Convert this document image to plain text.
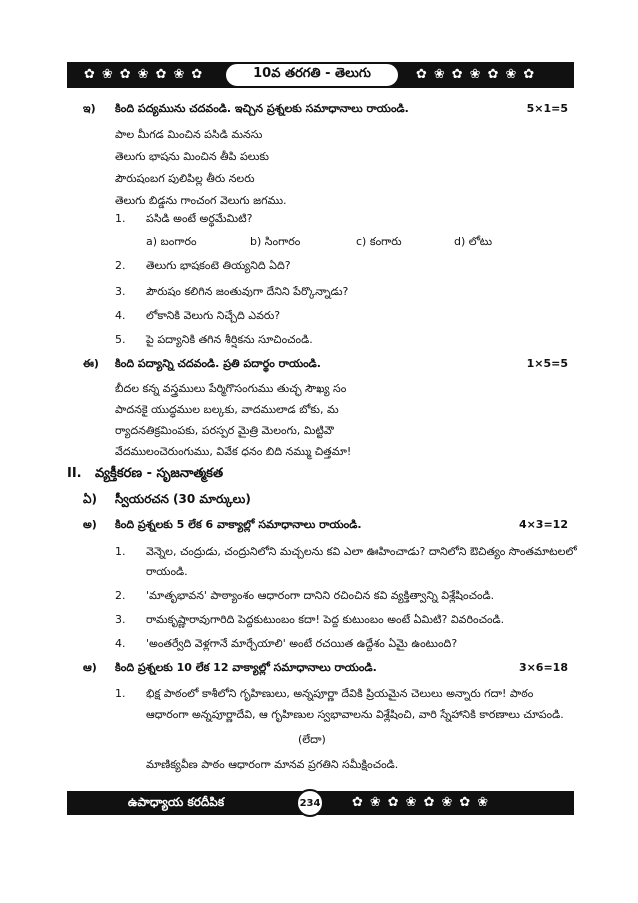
✿❀✿❀✿❀✿	✿❀✿❀✿❀✿
10వ తరగతి - తెలుగు
ఇ) కింది పద్యమును చదవండి. ఇచ్చిన ప్రశ్నలకు సమాధానాలు రాయండి.	5×1=5
పాల మీగడ మించిన పసిడి మనసు
తెలుగు భాషను మించిన తీపి పలుకు
పౌరుషంబగ పులిపిల్ల తీరు నలరు
తెలుగు బిడ్డను గాంచంగ వెలుగు జగము.
1. పసిడి అంటే అర్థమేమిటి?
a) బంగారం	b) సింగారం	c) కంగారు	d) లోటు
2. తెలుగు భాషకంటె తియ్యనిది ఏది?
3. పౌరుషం కలిగిన జంతువుగా దేనిని పేర్కొన్నాడు?
4. లోకానికి వెలుగు నిచ్చేది ఎవరు?
5. పై పద్యానికి తగిన శీర్షికను సూచించండి.
ఈ) కింది పద్యాన్ని చదవండి. ప్రతి పదార్థం రాయండి.	1×5=5
బీదల కన్న వస్త్రములు పేర్మిగొసంగుము తుచ్ఛ సౌఖ్య సం
పాదనకై యుద్ధముల బల్కకు, వాదములాడ బోకు, మ
ర్యాదనతిక్రమింపకు, పరస్పర మైత్రి మెలంగు, మిట్టివౌ
వేదములంచెరుంగుము, వివేక ధనం బిది నమ్ము చిత్తమా!
II. వ్యక్తీకరణ - సృజనాత్మకత
ఏ) స్వీయరచన (30 మార్కులు)
అ) కింది ప్రశ్నలకు 5 లేక 6 వాక్యాల్లో సమాధానాలు రాయండి.	4×3=12
1. వెన్నెల, చంద్రుడు, చంద్రునిలోని మచ్చలను కవి ఎలా ఊహించాడు? దానిలోని ఔచిత్యం సొంతమాటలలో
రాయండి.
2. 'మాతృభావన' పాఠ్యాంశం ఆధారంగా దానిని రచించిన కవి వ్యక్తిత్వాన్ని విశ్లేషించండి.
3. రామకృష్ణారావుగారిది పెద్దకుటుంబం కదా! పెద్ద కుటుంబం అంటే ఏమిటి? వివరించండి.
4. 'అంతర్వేది వెళ్లగానే మార్చేయాలి' అంటే రచయిత ఉద్దేశం ఏమై ఉంటుంది?
ఆ) కింది ప్రశ్నలకు 10 లేక 12 వాక్యాల్లో సమాధానాలు రాయండి.	3×6=18
1. భిక్ష పాఠంలో కాశీలోని గృహిణులు, అన్నపూర్ణా దేవికి ప్రియమైన చెలులు అన్నారు గదా! పాఠం
ఆధారంగా అన్నపూర్ణాదేవి, ఆ గృహిణుల స్వభావాలను విశ్లేషించి, వారి స్నేహానికి కారణాలు చూపండి.
(లేదా)
మాణిక్యవీణ పాఠం ఆధారంగా మానవ ప్రగతిని సమీక్షించండి.
ఉపాధ్యాయ కరదీపిక	✿❀✿❀✿❀✿❀
234
